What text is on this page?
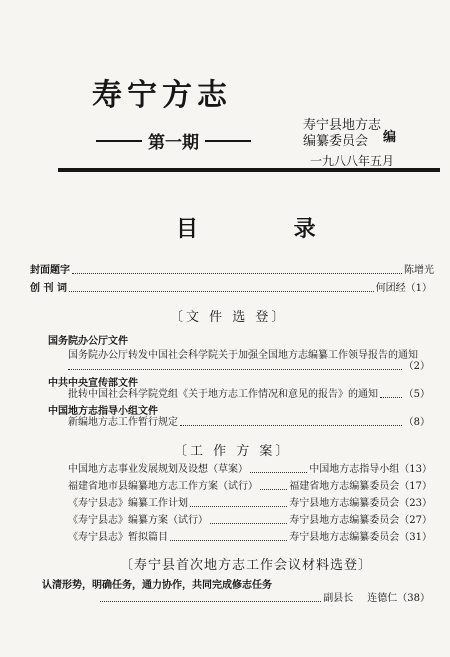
寿宁方志
第一期
寿宁县地方志
编
编纂委员会
一九八八年五月
目 录
封面题字	陈增光
创 刊 词	何团经 （1）
〔文 件 选 登〕
国务院办公厅文件
国务院办公厅转发中国社会科学院关于加强全国地方志编纂工作领导报告的通知
（2）
中共中央宣传部文件
批转中国社会科学院党组《关于地方志工作情况和意见的报告》的通知	（5）
中国地方志指导小组文件
新编地方志工作暂行规定	（8）
〔工 作 方 案〕
中国地方志事业发展规划及设想（草案）	中国地方志指导小组 （13）
福建省地市县编纂地方志工作方案（试行）	福建省地方志编纂委员会 （17）
《寿宁县志》编纂工作计划	寿宁县地方志编纂委员会 （23）
《寿宁县志》编纂方案（试行）	寿宁县地方志编纂委员会 （27）
《寿宁县志》暂拟篇目	寿宁县地方志编纂委员会 （31）
〔寿宁县首次地方志工作会议材料选登〕
认清形势，明确任务，通力协作，共同完成修志任务
副县长 连德仁 （38）
